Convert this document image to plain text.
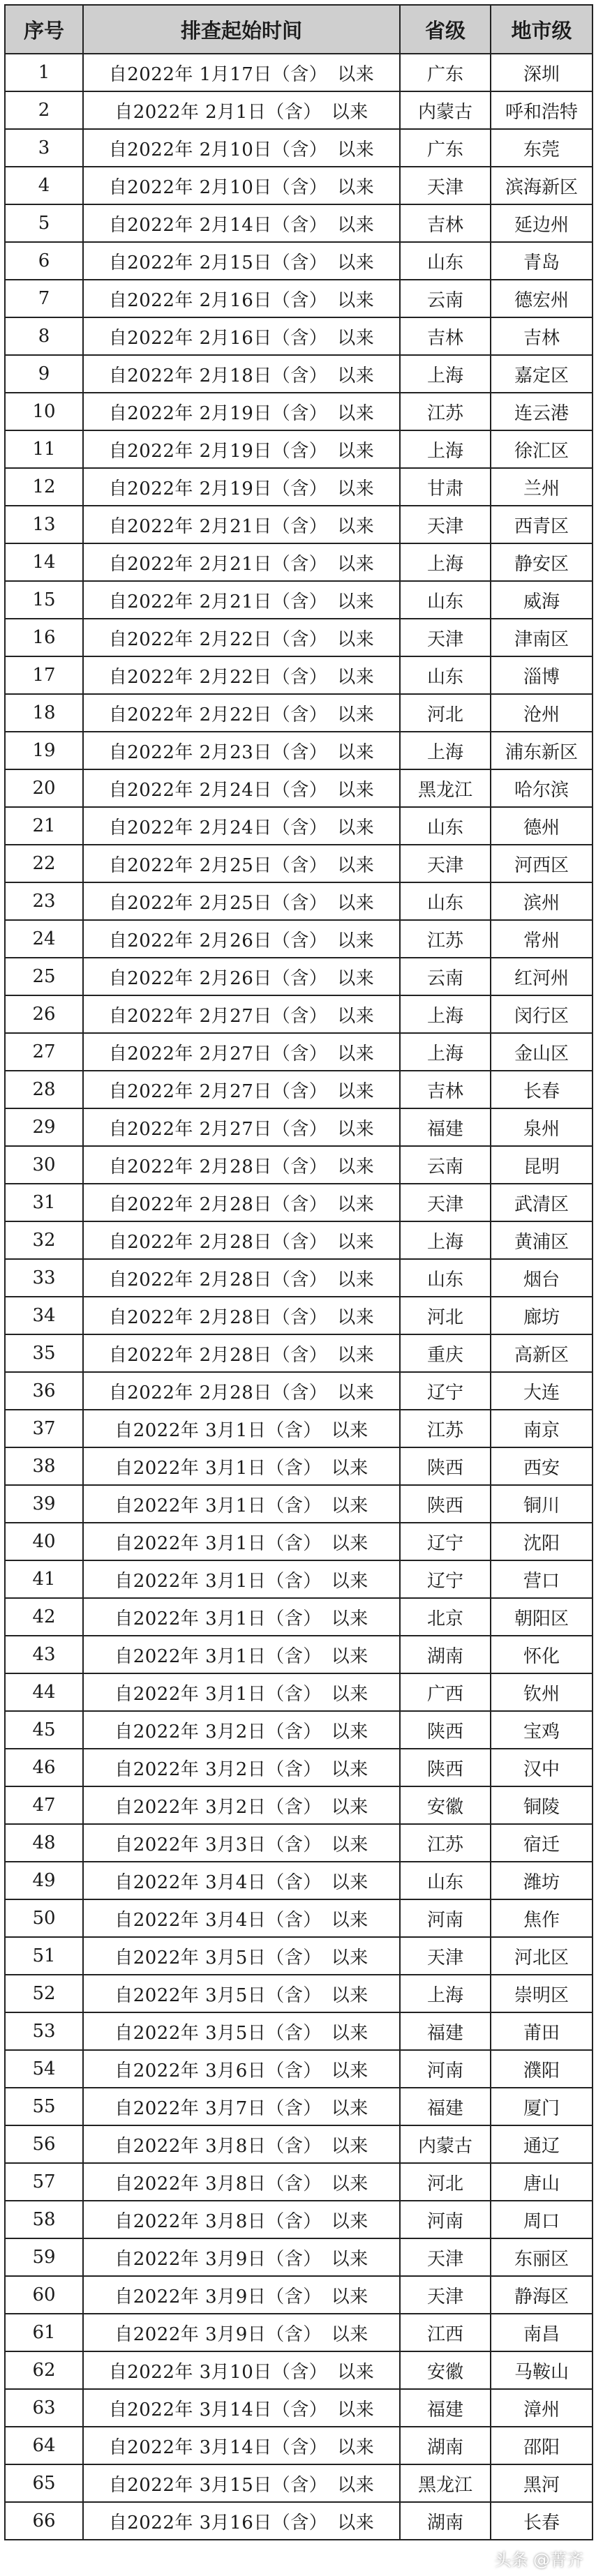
序号	排查起始时间	省级	地市级
1	自2022年 1月17日（含） 以来	广东	深圳
2	自2022年 2月1日（含） 以来	内蒙古	呼和浩特
3	自2022年 2月10日（含） 以来	广东	东莞
4	自2022年 2月10日（含） 以来	天津	滨海新区
5	自2022年 2月14日（含） 以来	吉林	延边州
6	自2022年 2月15日（含） 以来	山东	青岛
7	自2022年 2月16日（含） 以来	云南	德宏州
8	自2022年 2月16日（含） 以来	吉林	吉林
9	自2022年 2月18日（含） 以来	上海	嘉定区
10	自2022年 2月19日（含） 以来	江苏	连云港
11	自2022年 2月19日（含） 以来	上海	徐汇区
12	自2022年 2月19日（含） 以来	甘肃	兰州
13	自2022年 2月21日（含） 以来	天津	西青区
14	自2022年 2月21日（含） 以来	上海	静安区
15	自2022年 2月21日（含） 以来	山东	威海
16	自2022年 2月22日（含） 以来	天津	津南区
17	自2022年 2月22日（含） 以来	山东	淄博
18	自2022年 2月22日（含） 以来	河北	沧州
19	自2022年 2月23日（含） 以来	上海	浦东新区
20	自2022年 2月24日（含） 以来	黑龙江	哈尔滨
21	自2022年 2月24日（含） 以来	山东	德州
22	自2022年 2月25日（含） 以来	天津	河西区
23	自2022年 2月25日（含） 以来	山东	滨州
24	自2022年 2月26日（含） 以来	江苏	常州
25	自2022年 2月26日（含） 以来	云南	红河州
26	自2022年 2月27日（含） 以来	上海	闵行区
27	自2022年 2月27日（含） 以来	上海	金山区
28	自2022年 2月27日（含） 以来	吉林	长春
29	自2022年 2月27日（含） 以来	福建	泉州
30	自2022年 2月28日（含） 以来	云南	昆明
31	自2022年 2月28日（含） 以来	天津	武清区
32	自2022年 2月28日（含） 以来	上海	黄浦区
33	自2022年 2月28日（含） 以来	山东	烟台
34	自2022年 2月28日（含） 以来	河北	廊坊
35	自2022年 2月28日（含） 以来	重庆	高新区
36	自2022年 2月28日（含） 以来	辽宁	大连
37	自2022年 3月1日（含） 以来	江苏	南京
38	自2022年 3月1日（含） 以来	陕西	西安
39	自2022年 3月1日（含） 以来	陕西	铜川
40	自2022年 3月1日（含） 以来	辽宁	沈阳
41	自2022年 3月1日（含） 以来	辽宁	营口
42	自2022年 3月1日（含） 以来	北京	朝阳区
43	自2022年 3月1日（含） 以来	湖南	怀化
44	自2022年 3月1日（含） 以来	广西	钦州
45	自2022年 3月2日（含） 以来	陕西	宝鸡
46	自2022年 3月2日（含） 以来	陕西	汉中
47	自2022年 3月2日（含） 以来	安徽	铜陵
48	自2022年 3月3日（含） 以来	江苏	宿迁
49	自2022年 3月4日（含） 以来	山东	潍坊
50	自2022年 3月4日（含） 以来	河南	焦作
51	自2022年 3月5日（含） 以来	天津	河北区
52	自2022年 3月5日（含） 以来	上海	崇明区
53	自2022年 3月5日（含） 以来	福建	莆田
54	自2022年 3月6日（含） 以来	河南	濮阳
55	自2022年 3月7日（含） 以来	福建	厦门
56	自2022年 3月8日（含） 以来	内蒙古	通辽
57	自2022年 3月8日（含） 以来	河北	唐山
58	自2022年 3月8日（含） 以来	河南	周口
59	自2022年 3月9日（含） 以来	天津	东丽区
60	自2022年 3月9日（含） 以来	天津	静海区
61	自2022年 3月9日（含） 以来	江西	南昌
62	自2022年 3月10日（含） 以来	安徽	马鞍山
63	自2022年 3月14日（含） 以来	福建	漳州
64	自2022年 3月14日（含） 以来	湖南	邵阳
65	自2022年 3月15日（含） 以来	黑龙江	黑河
66	自2022年 3月16日（含） 以来	湖南	长春
头条 @菁齐
